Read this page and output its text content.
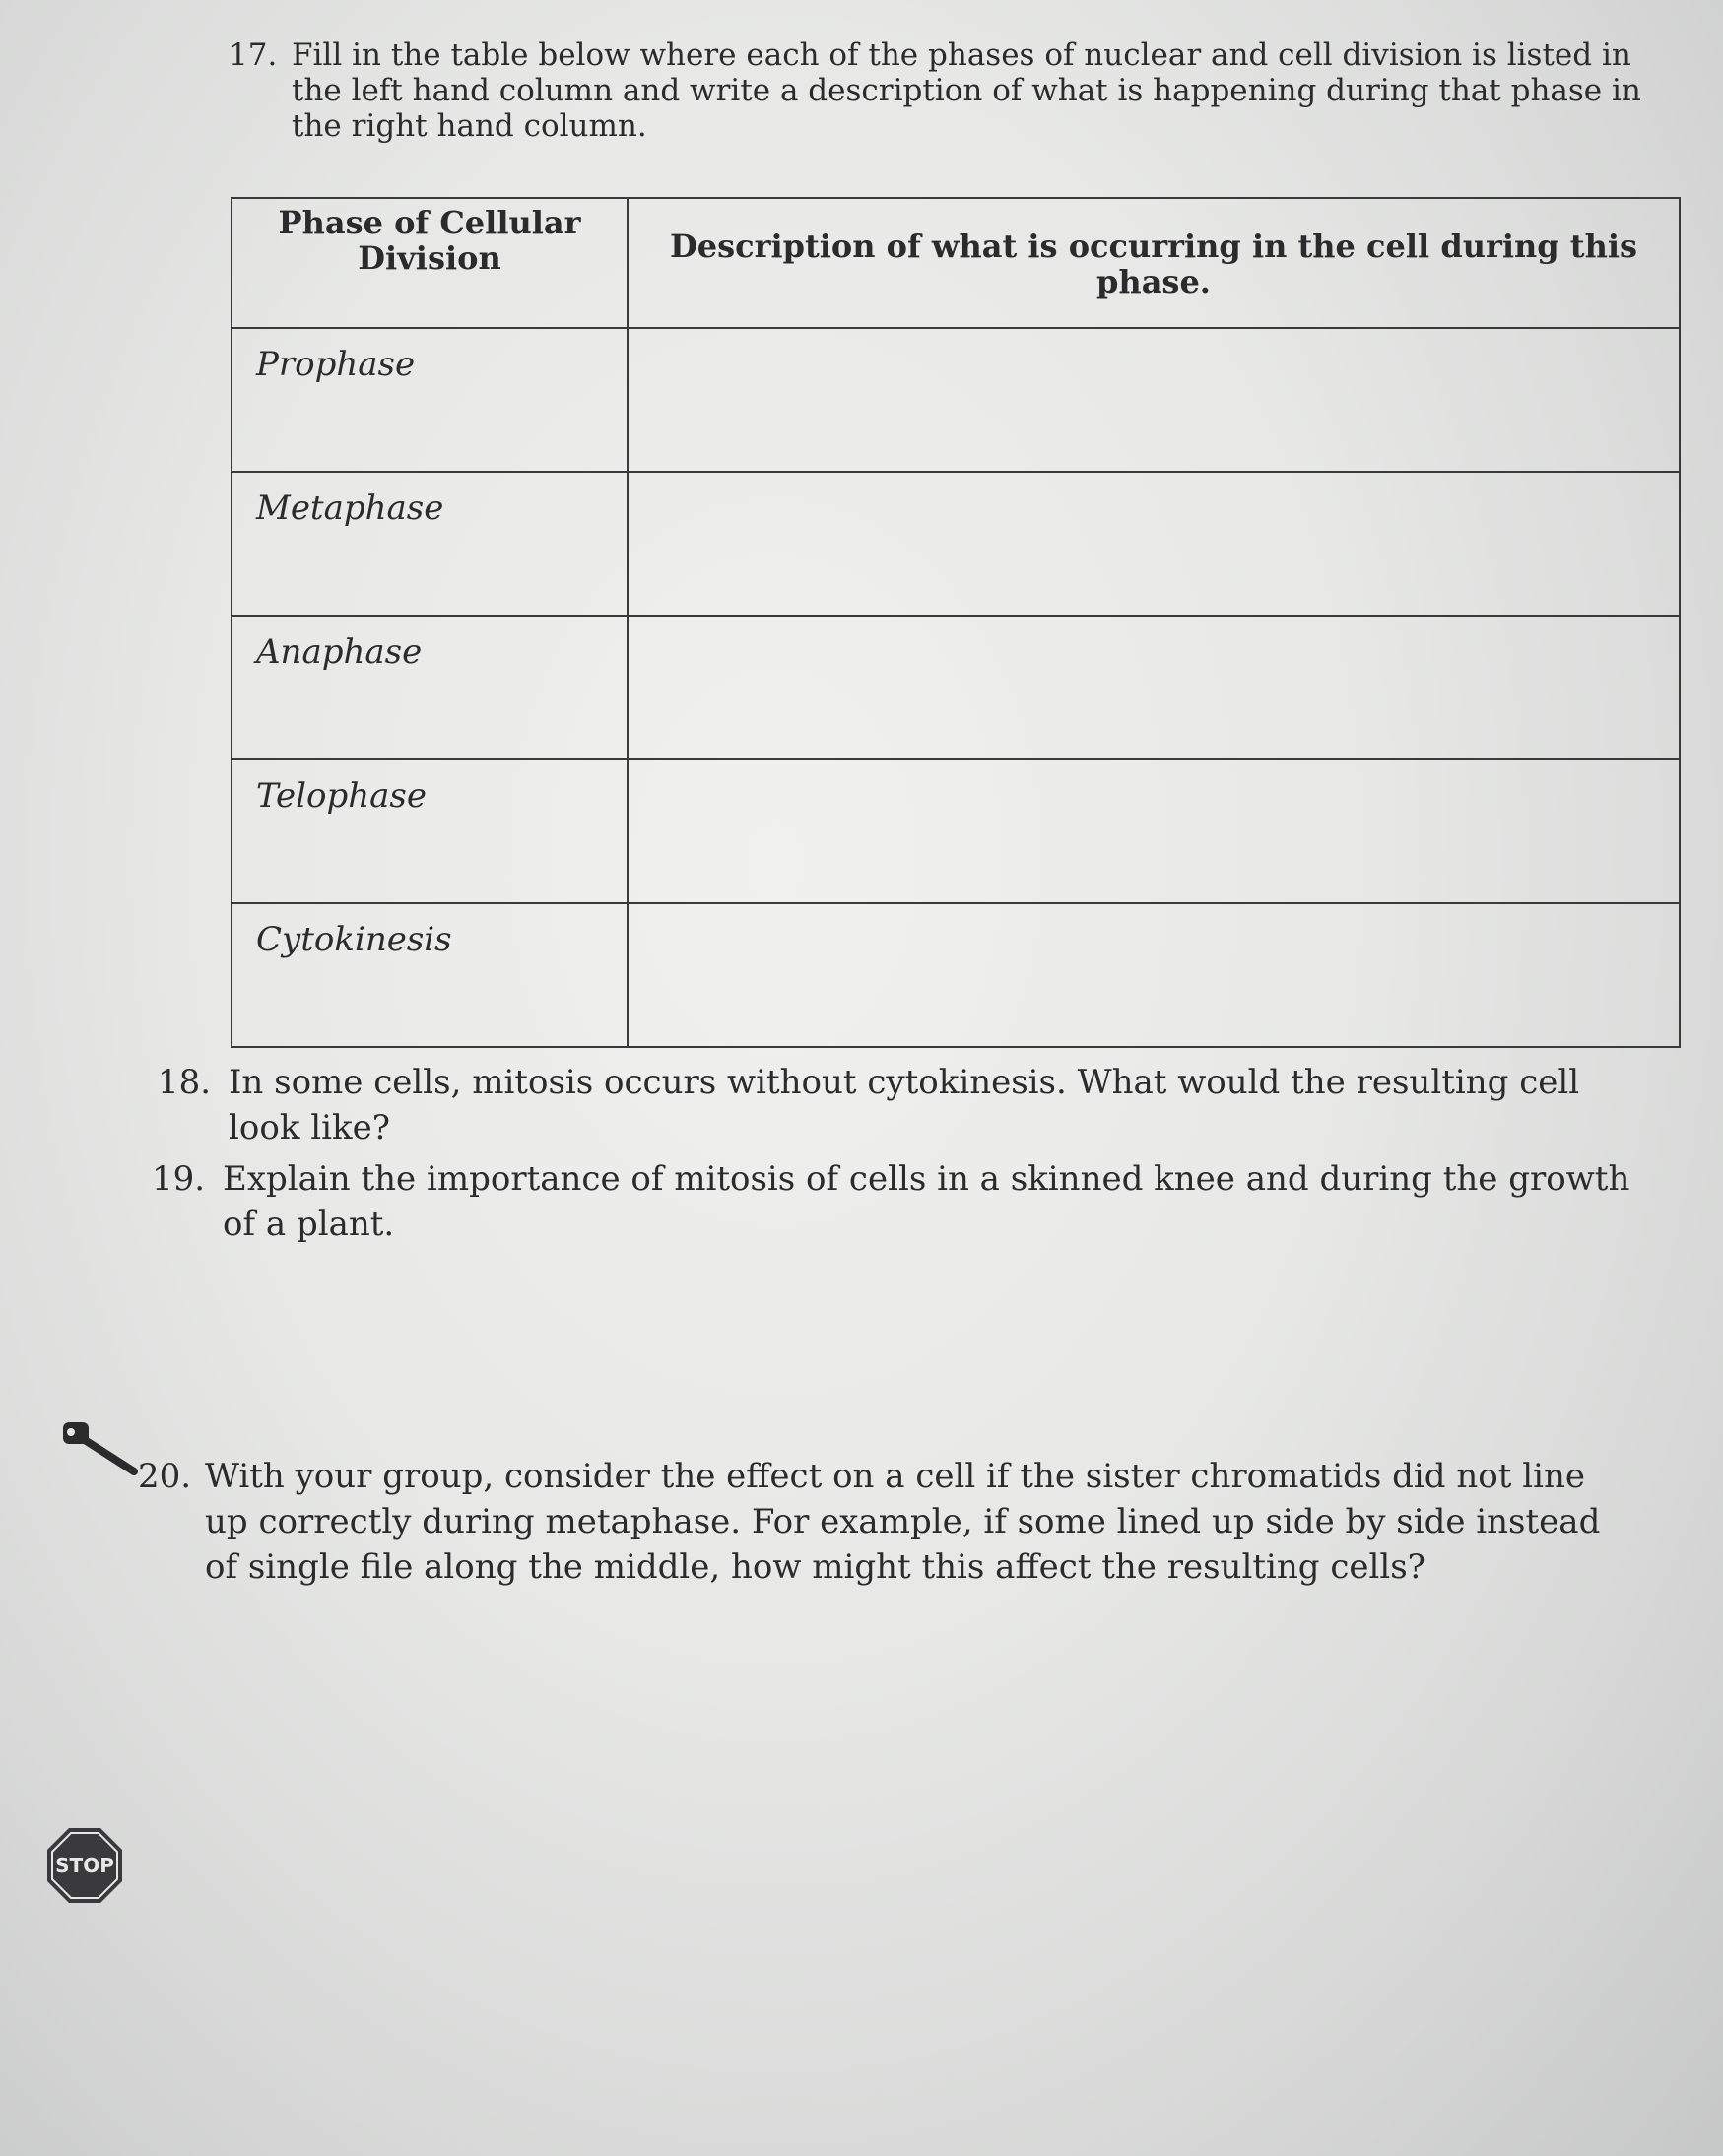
17. Fill in the table below where each of the phases of nuclear and cell division is listed in the left hand column and write a description of what is happening during that phase in the right hand column.
Phase of Cellular Division	Description of what is occurring in the cell during this phase.
Prophase	
Metaphase	
Anaphase	
Telophase	
Cytokinesis	
18. In some cells, mitosis occurs without cytokinesis. What would the resulting cell look like?
19. Explain the importance of mitosis of cells in a skinned knee and during the growth of a plant.
20. With your group, consider the effect on a cell if the sister chromatids did not line up correctly during metaphase. For example, if some lined up side by side instead of single file along the middle, how might this affect the resulting cells?
STOP
